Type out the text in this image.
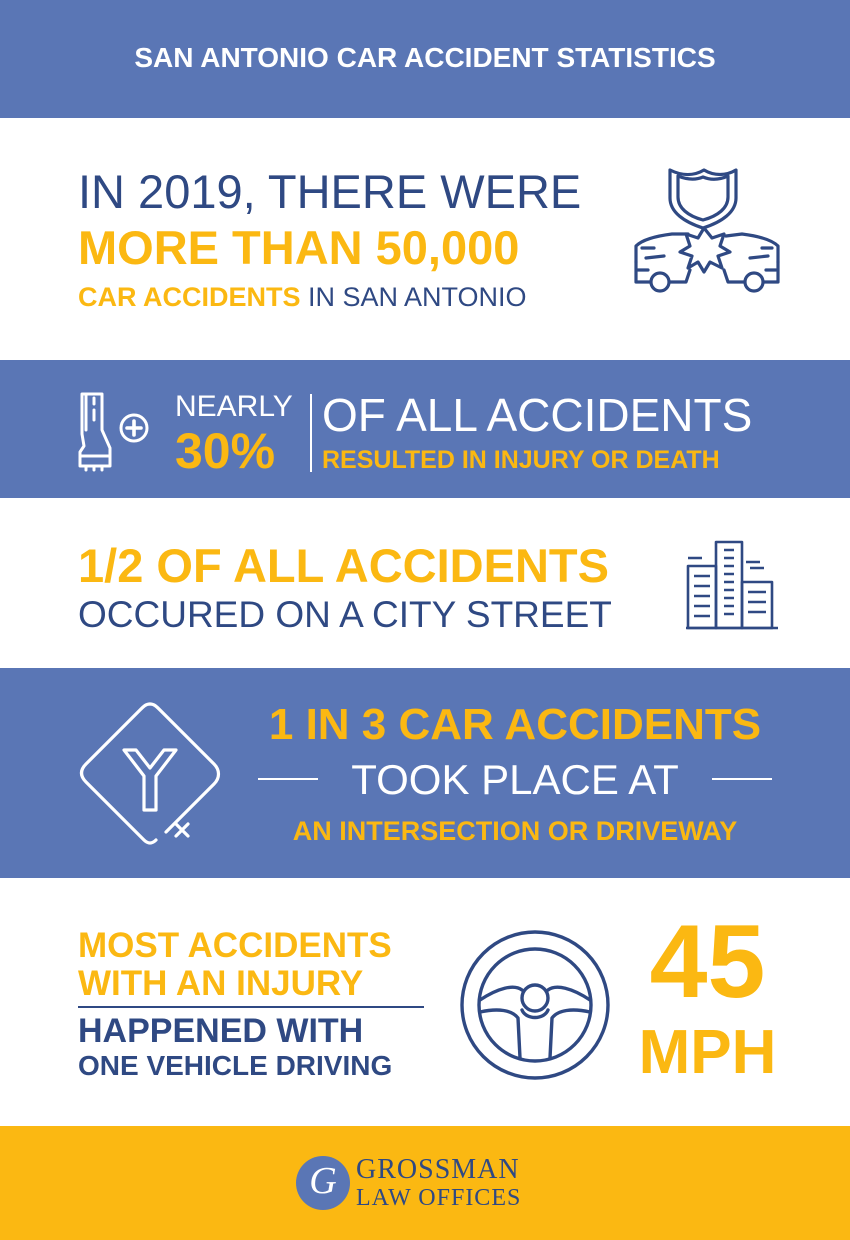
SAN ANTONIO CAR ACCIDENT STATISTICS
IN 2019, THERE WERE
MORE THAN 50,000
CAR ACCIDENTS IN SAN ANTONIO
NEARLY
30%
OF ALL ACCIDENTS
RESULTED IN INJURY OR DEATH
1/2 OF ALL ACCIDENTS
OCCURED ON A CITY STREET
1 IN 3 CAR ACCIDENTS
TOOK PLACE AT
AN INTERSECTION OR DRIVEWAY
MOST ACCIDENTS
WITH AN INJURY
HAPPENED WITH
ONE VEHICLE DRIVING
45
MPH
G GROSSMAN
LAW OFFICES
